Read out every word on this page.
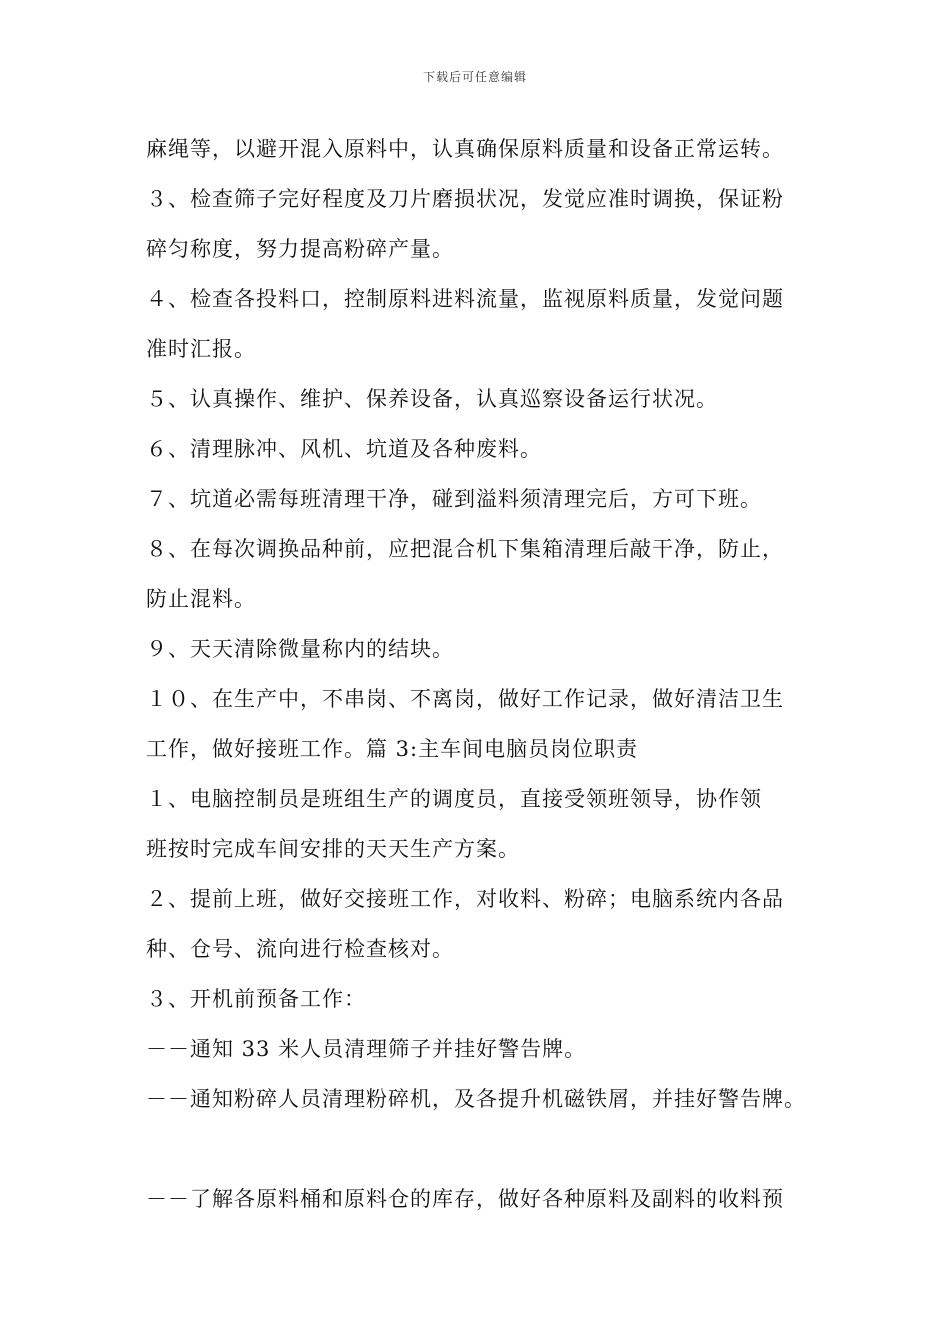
下载后可任意编辑
麻绳等，以避开混入原料中，认真确保原料质量和设备正常运转。
３、检查筛子完好程度及刀片磨损状况，发觉应准时调换，保证粉
碎匀称度，努力提高粉碎产量。
４、检查各投料口，控制原料进料流量，监视原料质量，发觉问题
准时汇报。
５、认真操作、维护、保养设备，认真巡察设备运行状况。
６、清理脉冲、风机、坑道及各种废料。
７、坑道必需每班清理干净，碰到溢料须清理完后，方可下班。
８、在每次调换品种前，应把混合机下集箱清理后敲干净，防止，
防止混料。
９、天天清除微量称内的结块。
１０、在生产中，不串岗、不离岗，做好工作记录，做好清洁卫生
工作，做好接班工作。篇 3:主车间电脑员岗位职责
１、电脑控制员是班组生产的调度员，直接受领班领导，协作领
班按时完成车间安排的天天生产方案。
２、提前上班，做好交接班工作，对收料、粉碎；电脑系统内各品
种、仓号、流向进行检查核对。
３、开机前预备工作：
－－通知 33 米人员清理筛子并挂好警告牌。
－－通知粉碎人员清理粉碎机，及各提升机磁铁屑，并挂好警告牌。
－－了解各原料桶和原料仓的库存，做好各种原料及副料的收料预
